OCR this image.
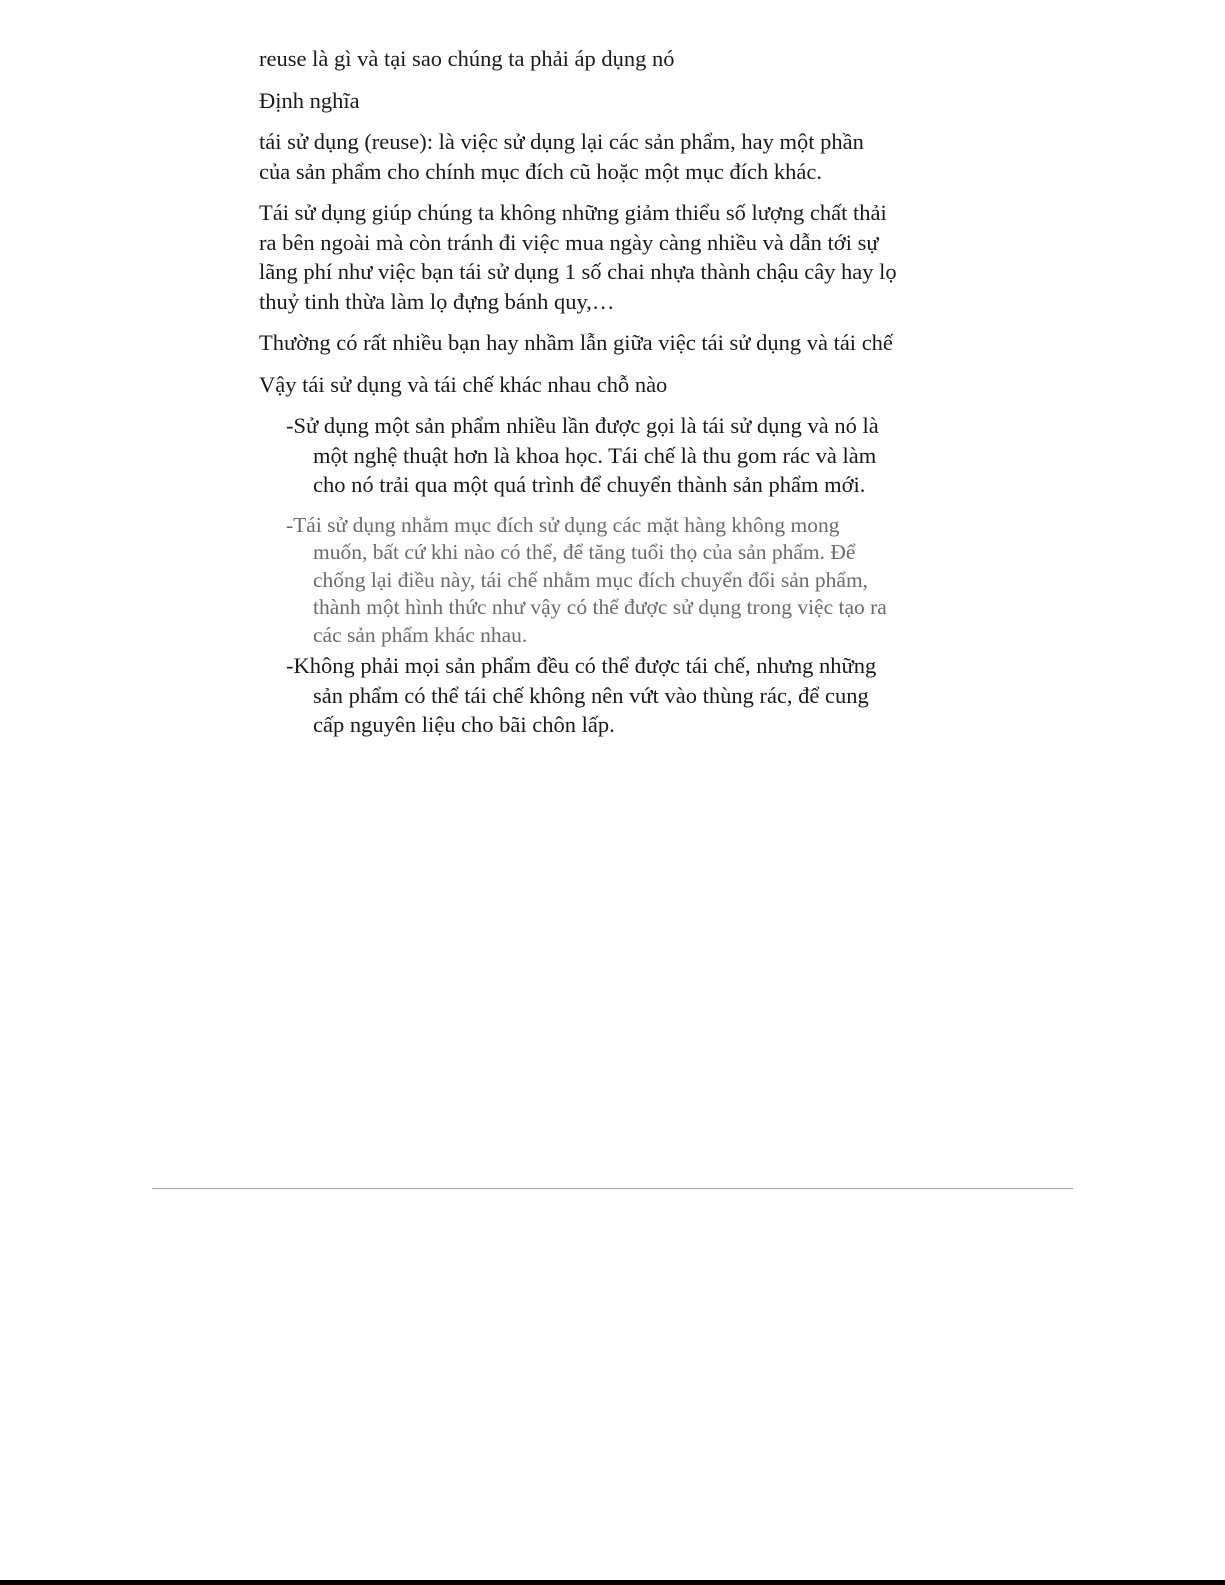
reuse là gì và tại sao chúng ta phải áp dụng nó

Định nghĩa

tái sử dụng (reuse): là việc sử dụng lại các sản phẩm, hay một phần của sản phẩm cho chính mục đích cũ hoặc một mục đích khác.

Tái sử dụng giúp chúng ta không những giảm thiểu số lượng chất thải ra bên ngoài mà còn tránh đi việc mua ngày càng nhiều và dẫn tới sự lãng phí như việc bạn tái sử dụng 1 số chai nhựa thành chậu cây hay lọ thuỷ tinh thừa làm lọ đựng bánh quy,…

Thường có rất nhiều bạn hay nhầm lẫn giữa việc tái sử dụng và tái chế

Vậy tái sử dụng và tái chế khác nhau chỗ nào

-Sử dụng một sản phẩm nhiều lần được gọi là tái sử dụng và nó là một nghệ thuật hơn là khoa học. Tái chế là thu gom rác và làm cho nó trải qua một quá trình để chuyển thành sản phẩm mới.
-Tái sử dụng nhằm mục đích sử dụng các mặt hàng không mong muốn, bất cứ khi nào có thể, để tăng tuổi thọ của sản phẩm. Để chống lại điều này, tái chế nhằm mục đích chuyển đổi sản phẩm, thành một hình thức như vậy có thể được sử dụng trong việc tạo ra các sản phẩm khác nhau.
-Không phải mọi sản phẩm đều có thể được tái chế, nhưng những sản phẩm có thể tái chế không nên vứt vào thùng rác, để cung cấp nguyên liệu cho bãi chôn lấp.
